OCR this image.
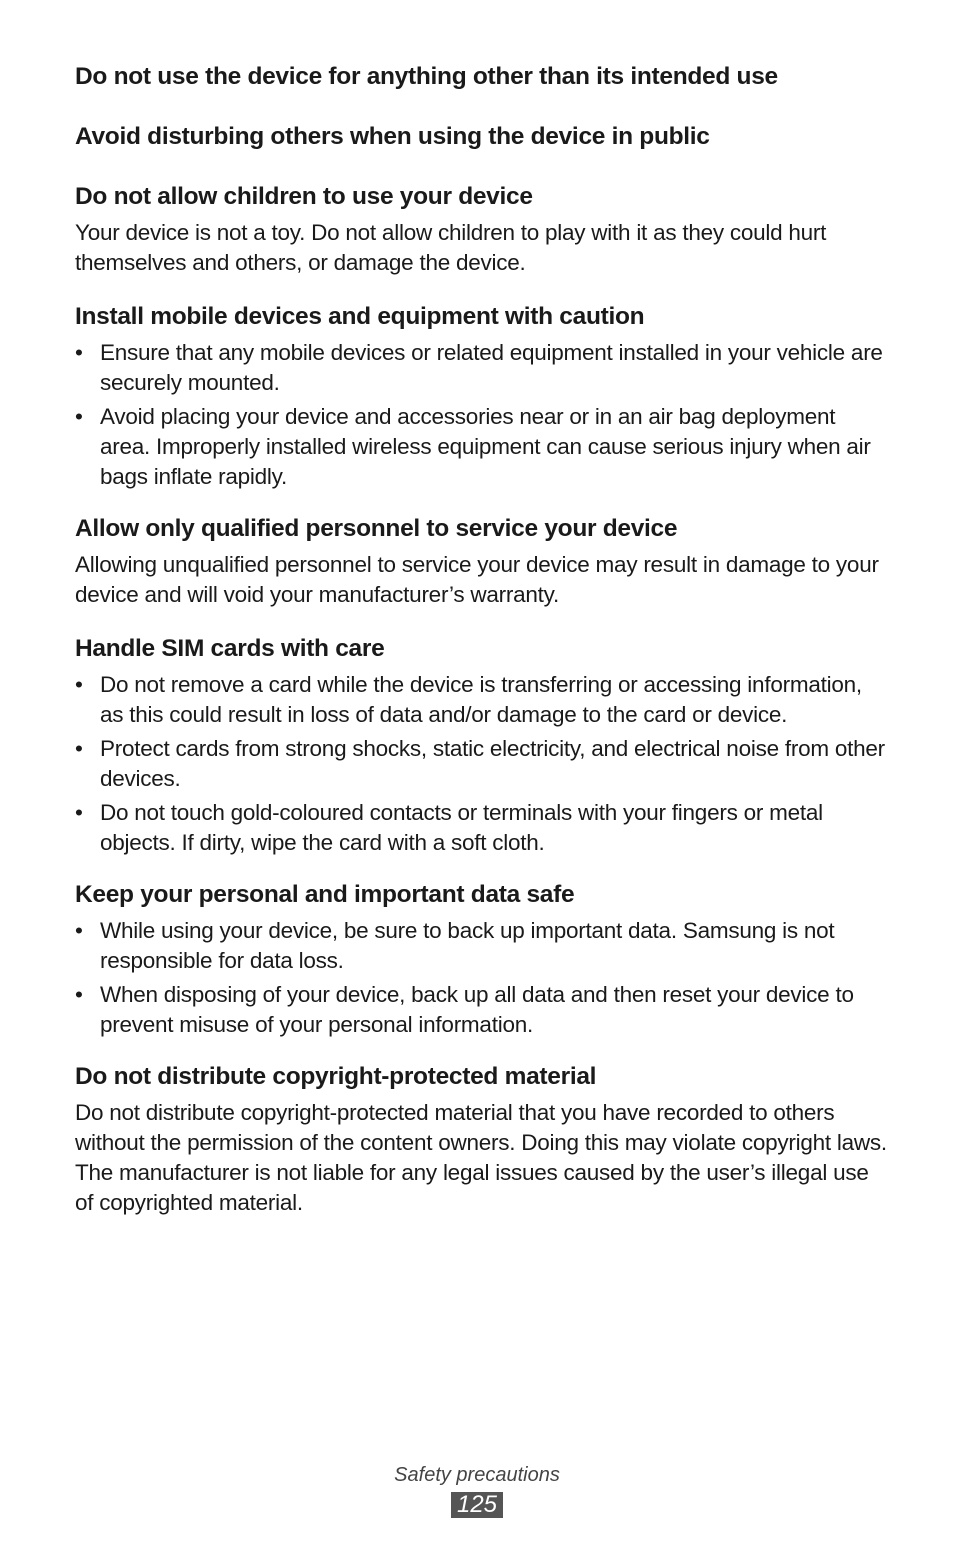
Do not use the device for anything other than its intended use
Avoid disturbing others when using the device in public
Do not allow children to use your device

Your device is not a toy. Do not allow children to play with it as they could hurt themselves and others, or damage the device.

Install mobile devices and equipment with caution
• Ensure that any mobile devices or related equipment installed in your vehicle are securely mounted.
• Avoid placing your device and accessories near or in an air bag deployment area. Improperly installed wireless equipment can cause serious injury when air bags inflate rapidly.
Allow only qualified personnel to service your device

Allowing unqualified personnel to service your device may result in damage to your device and will void your manufacturer’s warranty.

Handle SIM cards with care
• Do not remove a card while the device is transferring or accessing information, as this could result in loss of data and/or damage to the card or device.
• Protect cards from strong shocks, static electricity, and electrical noise from other devices.
• Do not touch gold-coloured contacts or terminals with your fingers or metal objects. If dirty, wipe the card with a soft cloth.
Keep your personal and important data safe
• While using your device, be sure to back up important data. Samsung is not responsible for data loss.
• When disposing of your device, back up all data and then reset your device to prevent misuse of your personal information.
Do not distribute copyright-protected material

Do not distribute copyright-protected material that you have recorded to others without the permission of the content owners. Doing this may violate copyright laws. The manufacturer is not liable for any legal issues caused by the user’s illegal use of copyrighted material.

Safety precautions
125
